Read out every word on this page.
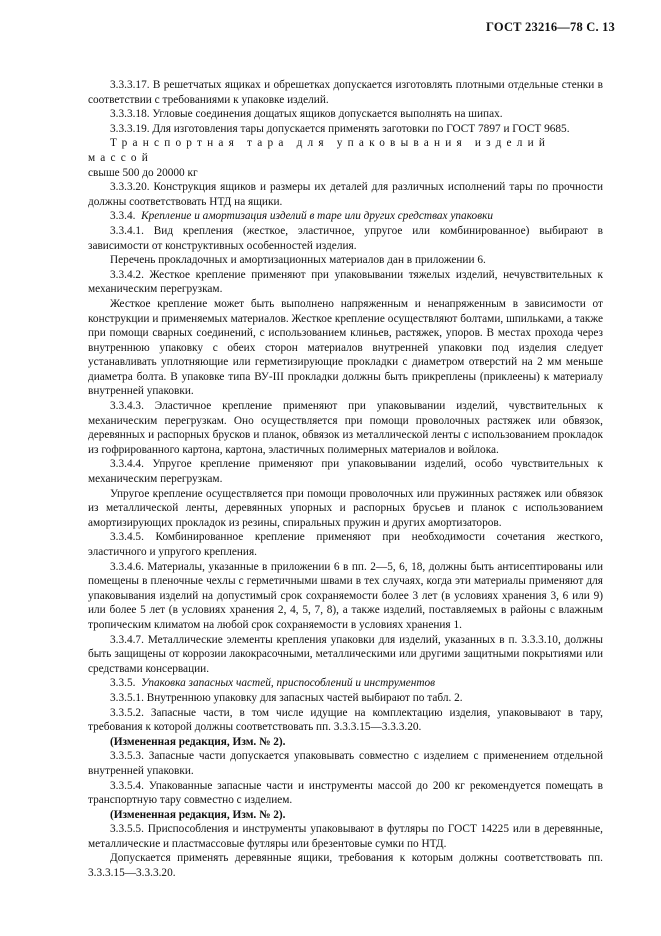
ГОСТ 23216—78 С. 13

3.3.3.17. В решетчатых ящиках и обрешетках допускается изготовлять плотными отдельные стенки в соответствии с требованиями к упаковке изделий.

3.3.3.18. Угловые соединения дощатых ящиков допускается выполнять на шипах.

3.3.3.19. Для изготовления тары допускается применять заготовки по ГОСТ 7897 и ГОСТ 9685.

Транспортная тара для упаковывания изделий массой

свыше 500 до 20000 кг

3.3.3.20. Конструкция ящиков и размеры их деталей для различных исполнений тары по прочности должны соответствовать НТД на ящики.

3.3.4. Крепление и амортизация изделий в таре или других средствах упаковки

3.3.4.1. Вид крепления (жесткое, эластичное, упругое или комбинированное) выбирают в зависимости от конструктивных особенностей изделия.

Перечень прокладочных и амортизационных материалов дан в приложении 6.

3.3.4.2. Жесткое крепление применяют при упаковывании тяжелых изделий, нечувствительных к механическим перегрузкам.

Жесткое крепление может быть выполнено напряженным и ненапряженным в зависимости от конструкции и применяемых материалов. Жесткое крепление осуществляют болтами, шпильками, а также при помощи сварных соединений, с использованием клиньев, растяжек, упоров. В местах прохода через внутреннюю упаковку с обеих сторон материалов внутренней упаковки под изделия следует устанавливать уплотняющие или герметизирующие прокладки с диаметром отверстий на 2 мм меньше диаметра болта. В упаковке типа ВУ-III прокладки должны быть прикреплены (приклеены) к материалу внутренней упаковки.

3.3.4.3. Эластичное крепление применяют при упаковывании изделий, чувствительных к механическим перегрузкам. Оно осуществляется при помощи проволочных растяжек или обвязок, деревянных и распорных брусков и планок, обвязок из металлической ленты с использованием прокладок из гофрированного картона, картона, эластичных полимерных материалов и войлока.

3.3.4.4. Упругое крепление применяют при упаковывании изделий, особо чувствительных к механическим перегрузкам.

Упругое крепление осуществляется при помощи проволочных или пружинных растяжек или обвязок из металлической ленты, деревянных упорных и распорных брусьев и планок с использованием амортизирующих прокладок из резины, спиральных пружин и других амортизаторов.

3.3.4.5. Комбинированное крепление применяют при необходимости сочетания жесткого, эластичного и упругого крепления.

3.3.4.6. Материалы, указанные в приложении 6 в пп. 2—5, 6, 18, должны быть антисептированы или помещены в пленочные чехлы с герметичными швами в тех случаях, когда эти материалы применяют для упаковывания изделий на допустимый срок сохраняемости более 3 лет (в условиях хранения 3, 6 или 9) или более 5 лет (в условиях хранения 2, 4, 5, 7, 8), а также изделий, поставляемых в районы с влажным тропическим климатом на любой срок сохраняемости в условиях хранения 1.

3.3.4.7. Металлические элементы крепления упаковки для изделий, указанных в п. 3.3.3.10, должны быть защищены от коррозии лакокрасочными, металлическими или другими защитными покрытиями или средствами консервации.

3.3.5. Упаковка запасных частей, приспособлений и инструментов

3.3.5.1. Внутреннюю упаковку для запасных частей выбирают по табл. 2.

3.3.5.2. Запасные части, в том числе идущие на комплектацию изделия, упаковывают в тару, требования к которой должны соответствовать пп. 3.3.3.15—3.3.3.20.

(Измененная редакция, Изм. № 2).

3.3.5.3. Запасные части допускается упаковывать совместно с изделием с применением отдельной внутренней упаковки.

3.3.5.4. Упакованные запасные части и инструменты массой до 200 кг рекомендуется помещать в транспортную тару совместно с изделием.

(Измененная редакция, Изм. № 2).

3.3.5.5. Приспособления и инструменты упаковывают в футляры по ГОСТ 14225 или в деревянные, металлические и пластмассовые футляры или брезентовые сумки по НТД.

Допускается применять деревянные ящики, требования к которым должны соответствовать пп. 3.3.3.15—3.3.3.20.
